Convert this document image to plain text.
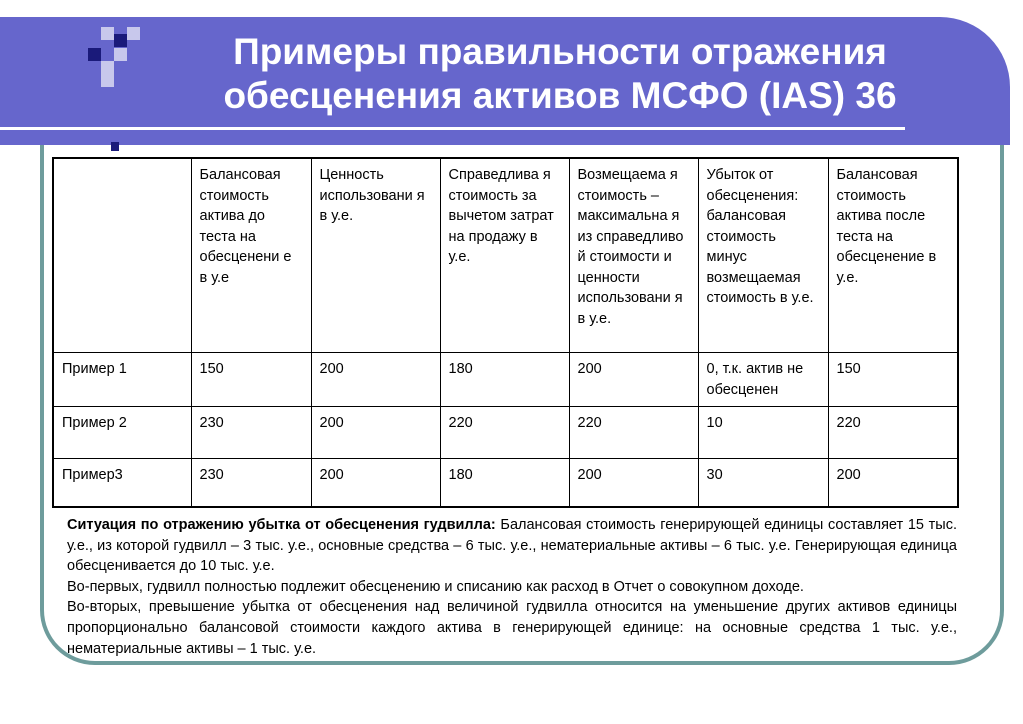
Примеры правильности отражения обесценения активов МСФО (IAS) 36
	Балансовая стоимость актива до теста на обесценени е в у.е	Ценность использовани я в у.е.	Справедлива я стоимость за вычетом затрат на продажу в у.е.	Возмещаема я стоимость – максимальна я из справедливо й стоимости и ценности использовани я в у.е.	Убыток от обесценения: балансовая стоимость минус возмещаемая стоимость в у.е.	Балансовая стоимость актива после теста на обесценение в у.е.
Пример 1	150	200	180	200	0, т.к. актив не обесценен	150
Пример 2	230	200	220	220	10	220
Пример3	230	200	180	200	30	200

Ситуация по отражению убытка от обесценения гудвилла: Балансовая стоимость генерирующей единицы составляет 15 тыс. у.е., из которой гудвилл – 3 тыс. у.е., основные средства – 6 тыс. у.е., нематериальные активы – 6 тыс. у.е. Генерирующая единица обесценивается до 10 тыс. у.е.

Во-первых, гудвилл полностью подлежит обесценению и списанию как расход в Отчет о совокупном доходе.

Во-вторых, превышение убытка от обесценения над величиной гудвилла относится на уменьшение других активов единицы пропорционально балансовой стоимости каждого актива в генерирующей единице: на основные средства 1 тыс. у.е., нематериальные активы – 1 тыс. у.е.
